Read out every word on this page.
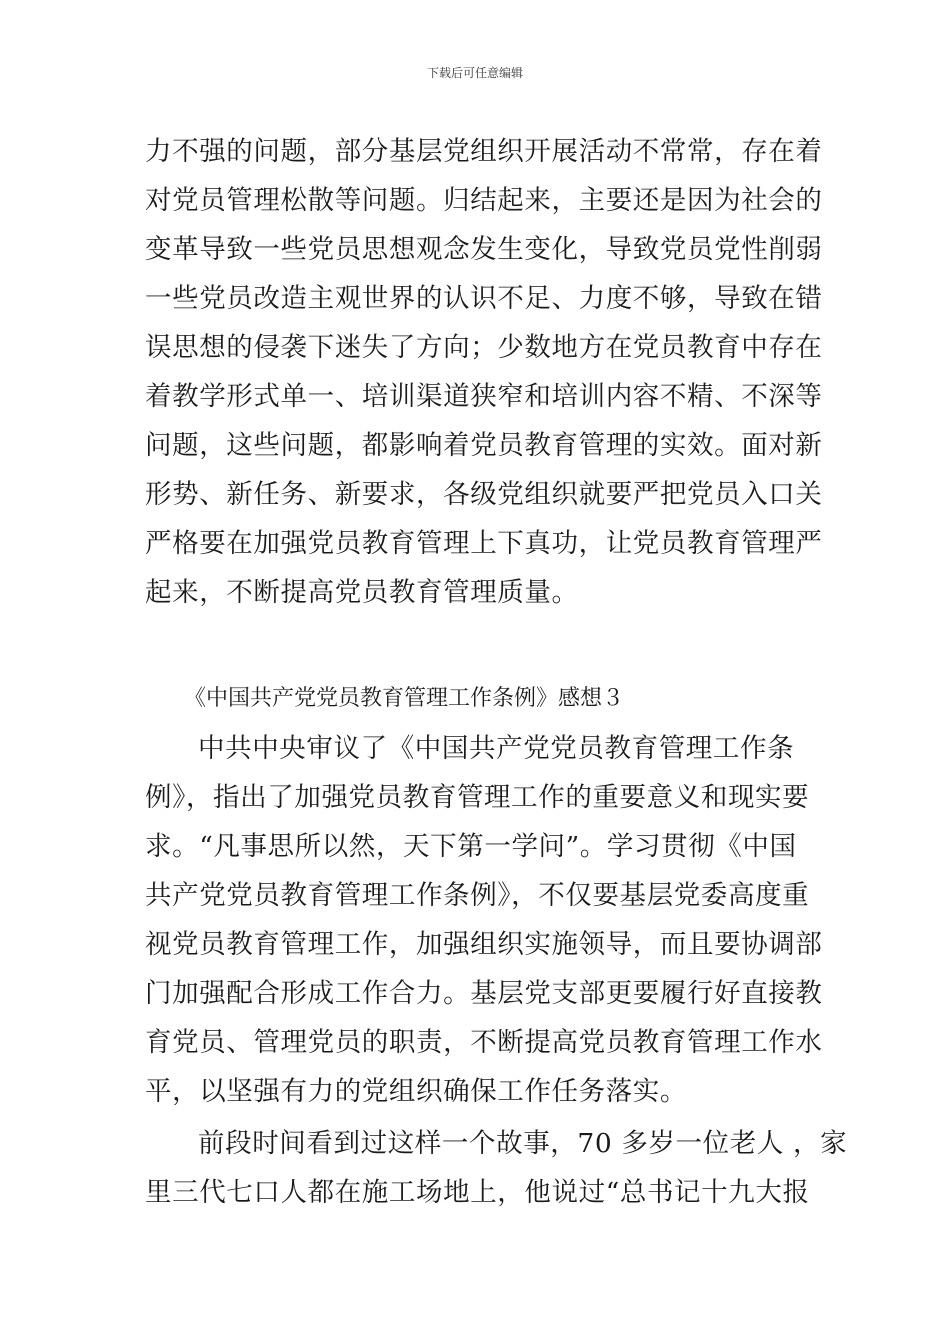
下载后可任意编辑
力不强的问题，部分基层党组织开展活动不常常，存在着
对党员管理松散等问题。归结起来，主要还是因为社会的
变革导致一些党员思想观念发生变化，导致党员党性削弱
一些党员改造主观世界的认识不足、力度不够，导致在错
误思想的侵袭下迷失了方向；少数地方在党员教育中存在
着教学形式单一、培训渠道狭窄和培训内容不精、不深等
问题，这些问题，都影响着党员教育管理的实效。面对新
形势、新任务、新要求，各级党组织就要严把党员入口关
严格要在加强党员教育管理上下真功，让党员教育管理严
起来，不断提高党员教育管理质量。
《中国共产党党员教育管理工作条例》感想３
中共中央审议了《中国共产党党员教育管理工作条
例》，指出了加强党员教育管理工作的重要意义和现实要
求。“凡事思所以然，天下第一学问”。学习贯彻《中国
共产党党员教育管理工作条例》，不仅要基层党委高度重
视党员教育管理工作，加强组织实施领导，而且要协调部
门加强配合形成工作合力。基层党支部更要履行好直接教
育党员、管理党员的职责，不断提高党员教育管理工作水
平，以坚强有力的党组织确保工作任务落实。
前段时间看到过这样一个故事，70 多岁一位老人 ，家
里三代七口人都在施工场地上，他说过“总书记十九大报
